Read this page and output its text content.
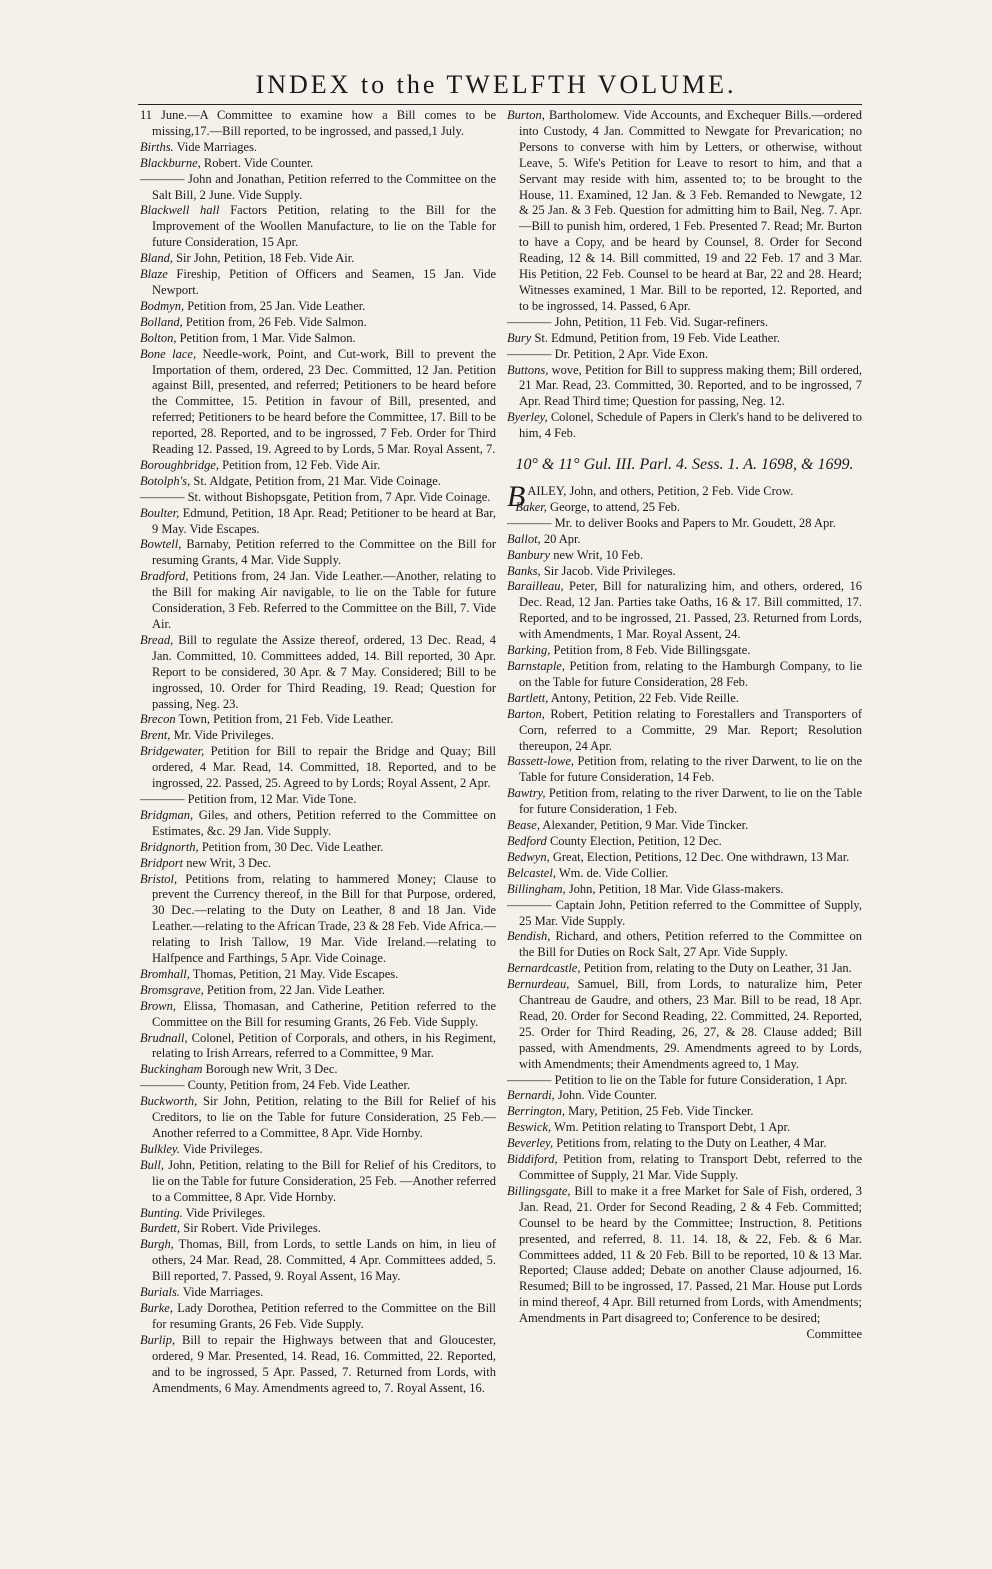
INDEX to the TWELFTH VOLUME.

11 June.—A Committee to examine how a Bill comes to be missing,17.—Bill reported, to be ingrossed, and passed,1 July.

Births. Vide Marriages.

Blackburne, Robert. Vide Counter.

———— John and Jonathan, Petition referred to the Committee on the Salt Bill, 2 June. Vide Supply.

Blackwell hall Factors Petition, relating to the Bill for the Improvement of the Woollen Manufacture, to lie on the Table for future Consideration, 15 Apr.

Bland, Sir John, Petition, 18 Feb. Vide Air.

Blaze Fireship, Petition of Officers and Seamen, 15 Jan. Vide Newport.

Bodmyn, Petition from, 25 Jan. Vide Leather.

Bolland, Petition from, 26 Feb. Vide Salmon.

Bolton, Petition from, 1 Mar. Vide Salmon.

Bone lace, Needle-work, Point, and Cut-work, Bill to prevent the Importation of them, ordered, 23 Dec. Committed, 12 Jan. Petition against Bill, presented, and referred; Petitioners to be heard before the Committee, 15. Petition in favour of Bill, presented, and referred; Petitioners to be heard before the Committee, 17. Bill to be reported, 28. Reported, and to be ingrossed, 7 Feb. Order for Third Reading 12. Passed, 19. Agreed to by Lords, 5 Mar. Royal Assent, 7.

Boroughbridge, Petition from, 12 Feb. Vide Air.

Botolph's, St. Aldgate, Petition from, 21 Mar. Vide Coinage.

———— St. without Bishopsgate, Petition from, 7 Apr. Vide Coinage.

Boulter, Edmund, Petition, 18 Apr. Read; Petitioner to be heard at Bar, 9 May. Vide Escapes.

Bowtell, Barnaby, Petition referred to the Committee on the Bill for resuming Grants, 4 Mar. Vide Supply.

Bradford, Petitions from, 24 Jan. Vide Leather.—Another, relating to the Bill for making Air navigable, to lie on the Table for future Consideration, 3 Feb. Referred to the Committee on the Bill, 7. Vide Air.

Bread, Bill to regulate the Assize thereof, ordered, 13 Dec. Read, 4 Jan. Committed, 10. Committees added, 14. Bill reported, 30 Apr. Report to be considered, 30 Apr. & 7 May. Considered; Bill to be ingrossed, 10. Order for Third Reading, 19. Read; Question for passing, Neg. 23.

Brecon Town, Petition from, 21 Feb. Vide Leather.

Brent, Mr. Vide Privileges.

Bridgewater, Petition for Bill to repair the Bridge and Quay; Bill ordered, 4 Mar. Read, 14. Committed, 18. Reported, and to be ingrossed, 22. Passed, 25. Agreed to by Lords; Royal Assent, 2 Apr.

———— Petition from, 12 Mar. Vide Tone.

Bridgman, Giles, and others, Petition referred to the Committee on Estimates, &c. 29 Jan. Vide Supply.

Bridgnorth, Petition from, 30 Dec. Vide Leather.

Bridport new Writ, 3 Dec.

Bristol, Petitions from, relating to hammered Money; Clause to prevent the Currency thereof, in the Bill for that Purpose, ordered, 30 Dec.—relating to the Duty on Leather, 8 and 18 Jan. Vide Leather.—relating to the African Trade, 23 & 28 Feb. Vide Africa.—relating to Irish Tallow, 19 Mar. Vide Ireland.—relating to Halfpence and Farthings, 5 Apr. Vide Coinage.

Bromhall, Thomas, Petition, 21 May. Vide Escapes.

Bromsgrave, Petition from, 22 Jan. Vide Leather.

Brown, Elissa, Thomasan, and Catherine, Petition referred to the Committee on the Bill for resuming Grants, 26 Feb. Vide Supply.

Brudnall, Colonel, Petition of Corporals, and others, in his Regiment, relating to Irish Arrears, referred to a Committee, 9 Mar.

Buckingham Borough new Writ, 3 Dec.

———— County, Petition from, 24 Feb. Vide Leather.

Buckworth, Sir John, Petition, relating to the Bill for Relief of his Creditors, to lie on the Table for future Consideration, 25 Feb.—Another referred to a Committee, 8 Apr. Vide Hornby.

Bulkley. Vide Privileges.

Bull, John, Petition, relating to the Bill for Relief of his Creditors, to lie on the Table for future Consideration, 25 Feb. —Another referred to a Committee, 8 Apr. Vide Hornby.

Bunting. Vide Privileges.

Burdett, Sir Robert. Vide Privileges.

Burgh, Thomas, Bill, from Lords, to settle Lands on him, in lieu of others, 24 Mar. Read, 28. Committed, 4 Apr. Committees added, 5. Bill reported, 7. Passed, 9. Royal Assent, 16 May.

Burials. Vide Marriages.

Burke, Lady Dorothea, Petition referred to the Committee on the Bill for resuming Grants, 26 Feb. Vide Supply.

Burlip, Bill to repair the Highways between that and Gloucester, ordered, 9 Mar. Presented, 14. Read, 16. Committed, 22. Reported, and to be ingrossed, 5 Apr. Passed, 7. Returned from Lords, with Amendments, 6 May. Amendments agreed to, 7. Royal Assent, 16.

Burton, Bartholomew. Vide Accounts, and Exchequer Bills.—ordered into Custody, 4 Jan. Committed to Newgate for Prevarication; no Persons to converse with him by Letters, or otherwise, without Leave, 5. Wife's Petition for Leave to resort to him, and that a Servant may reside with him, assented to; to be brought to the House, 11. Examined, 12 Jan. & 3 Feb. Remanded to Newgate, 12 & 25 Jan. & 3 Feb. Question for admitting him to Bail, Neg. 7. Apr.—Bill to punish him, ordered, 1 Feb. Presented 7. Read; Mr. Burton to have a Copy, and be heard by Counsel, 8. Order for Second Reading, 12 & 14. Bill committed, 19 and 22 Feb. 17 and 3 Mar. His Petition, 22 Feb. Counsel to be heard at Bar, 22 and 28. Heard; Witnesses examined, 1 Mar. Bill to be reported, 12. Reported, and to be ingrossed, 14. Passed, 6 Apr.

———— John, Petition, 11 Feb. Vid. Sugar-refiners.

Bury St. Edmund, Petition from, 19 Feb. Vide Leather.

———— Dr. Petition, 2 Apr. Vide Exon.

Buttons, wove, Petition for Bill to suppress making them; Bill ordered, 21 Mar. Read, 23. Committed, 30. Reported, and to be ingrossed, 7 Apr. Read Third time; Question for passing, Neg. 12.

Byerley, Colonel, Schedule of Papers in Clerk's hand to be delivered to him, 4 Feb.

10° & 11° Gul. III. Parl. 4. Sess. 1. A. 1698, & 1699.

BAILEY, John, and others, Petition, 2 Feb. Vide Crow.

Baker, George, to attend, 25 Feb.

———— Mr. to deliver Books and Papers to Mr. Goudett, 28 Apr.

Ballot, 20 Apr.

Banbury new Writ, 10 Feb.

Banks, Sir Jacob. Vide Privileges.

Barailleau, Peter, Bill for naturalizing him, and others, ordered, 16 Dec. Read, 12 Jan. Parties take Oaths, 16 & 17. Bill committed, 17. Reported, and to be ingrossed, 21. Passed, 23. Returned from Lords, with Amendments, 1 Mar. Royal Assent, 24.

Barking, Petition from, 8 Feb. Vide Billingsgate.

Barnstaple, Petition from, relating to the Hamburgh Company, to lie on the Table for future Consideration, 28 Feb.

Bartlett, Antony, Petition, 22 Feb. Vide Reille.

Barton, Robert, Petition relating to Forestallers and Transporters of Corn, referred to a Committe, 29 Mar. Report; Resolution thereupon, 24 Apr.

Bassett-lowe, Petition from, relating to the river Darwent, to lie on the Table for future Consideration, 14 Feb.

Bawtry, Petition from, relating to the river Darwent, to lie on the Table for future Consideration, 1 Feb.

Bease, Alexander, Petition, 9 Mar. Vide Tincker.

Bedford County Election, Petition, 12 Dec.

Bedwyn, Great, Election, Petitions, 12 Dec. One withdrawn, 13 Mar.

Belcastel, Wm. de. Vide Collier.

Billingham, John, Petition, 18 Mar. Vide Glass-makers.

———— Captain John, Petition referred to the Committee of Supply, 25 Mar. Vide Supply.

Bendish, Richard, and others, Petition referred to the Committee on the Bill for Duties on Rock Salt, 27 Apr. Vide Supply.

Bernardcastle, Petition from, relating to the Duty on Leather, 31 Jan.

Bernurdeau, Samuel, Bill, from Lords, to naturalize him, Peter Chantreau de Gaudre, and others, 23 Mar. Bill to be read, 18 Apr. Read, 20. Order for Second Reading, 22. Committed, 24. Reported, 25. Order for Third Reading, 26, 27, & 28. Clause added; Bill passed, with Amendments, 29. Amendments agreed to by Lords, with Amendments; their Amendments agreed to, 1 May.

———— Petition to lie on the Table for future Consideration, 1 Apr.

Bernardi, John. Vide Counter.

Berrington, Mary, Petition, 25 Feb. Vide Tincker.

Beswick, Wm. Petition relating to Transport Debt, 1 Apr.

Beverley, Petitions from, relating to the Duty on Leather, 4 Mar.

Biddiford, Petition from, relating to Transport Debt, referred to the Committee of Supply, 21 Mar. Vide Supply.

Billingsgate, Bill to make it a free Market for Sale of Fish, ordered, 3 Jan. Read, 21. Order for Second Reading, 2 & 4 Feb. Committed; Counsel to be heard by the Committee; Instruction, 8. Petitions presented, and referred, 8. 11. 14. 18, & 22, Feb. & 6 Mar. Committees added, 11 & 20 Feb. Bill to be reported, 10 & 13 Mar. Reported; Clause added; Debate on another Clause adjourned, 16. Resumed; Bill to be ingrossed, 17. Passed, 21 Mar. House put Lords in mind thereof, 4 Apr. Bill returned from Lords, with Amendments; Amendments in Part disagreed to; Conference to be desired;

Committee
